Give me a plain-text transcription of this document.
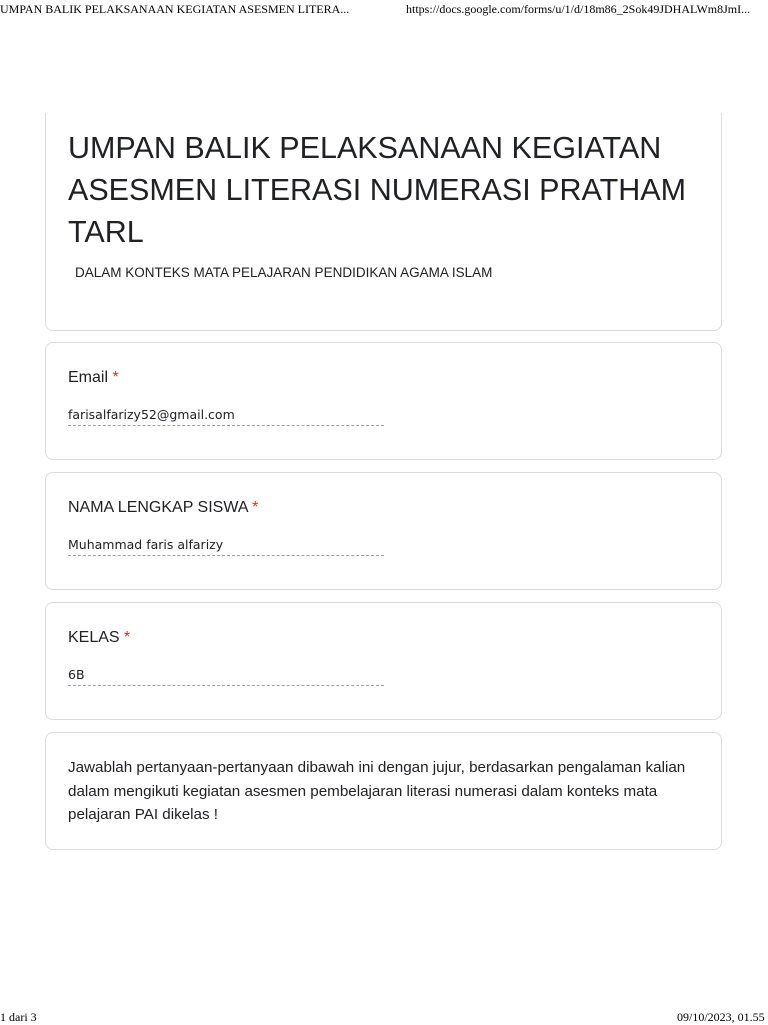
UMPAN BALIK PELAKSANAAN KEGIATAN ASESMEN LITERA...	https://docs.google.com/forms/u/1/d/18m86_2Sok49JDHALWm8JmI...
UMPAN BALIK PELAKSANAAN KEGIATAN ASESMEN LITERASI NUMERASI PRATHAM TARL
DALAM KONTEKS MATA PELAJARAN PENDIDIKAN AGAMA ISLAM
Email *
farisalfarizy52@gmail.com
NAMA LENGKAP SISWA *
Muhammad faris alfarizy
KELAS *
6B
Jawablah pertanyaan-pertanyaan dibawah ini dengan jujur, berdasarkan pengalaman kalian dalam mengikuti kegiatan asesmen pembelajaran literasi numerasi dalam konteks mata pelajaran PAI dikelas !
1 dari 3	09/10/2023, 01.55
